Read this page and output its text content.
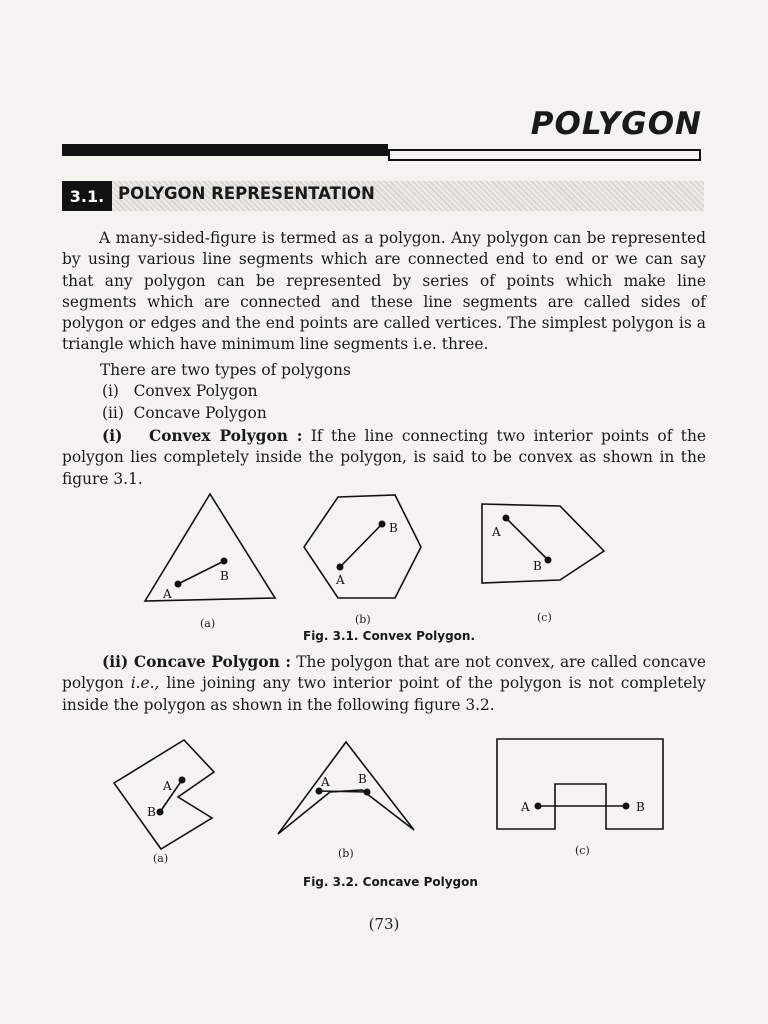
POLYGON
3.1. POLYGON REPRESENTATION
A many-sided-figure is termed as a polygon. Any polygon can be represented by using various line segments which are connected end to end or we can say that any polygon can be represented by series of points which make line segments which are connected and these line segments are called sides of polygon or edges and the end points are called vertices. The simplest polygon is a triangle which have minimum line segments i.e. three.
There are two types of polygons
(i)   Convex Polygon
(ii)  Concave Polygon
(i)   Convex Polygon : If the line connecting two interior points of the polygon lies completely inside the polygon, is said to be convex as shown in the figure 3.1.
A
B	A
B	A
B
A
B
A B
A	B
(a)	(b)	(c)
Fig. 3.1. Convex Polygon.
(ii) Concave Polygon : The polygon that are not convex, are called concave polygon i.e., line joining any two interior point of the polygon is not completely inside the polygon as shown in the following figure 3.2.
(a)	(b)	(c)
Fig. 3.2. Concave Polygon
(73)
